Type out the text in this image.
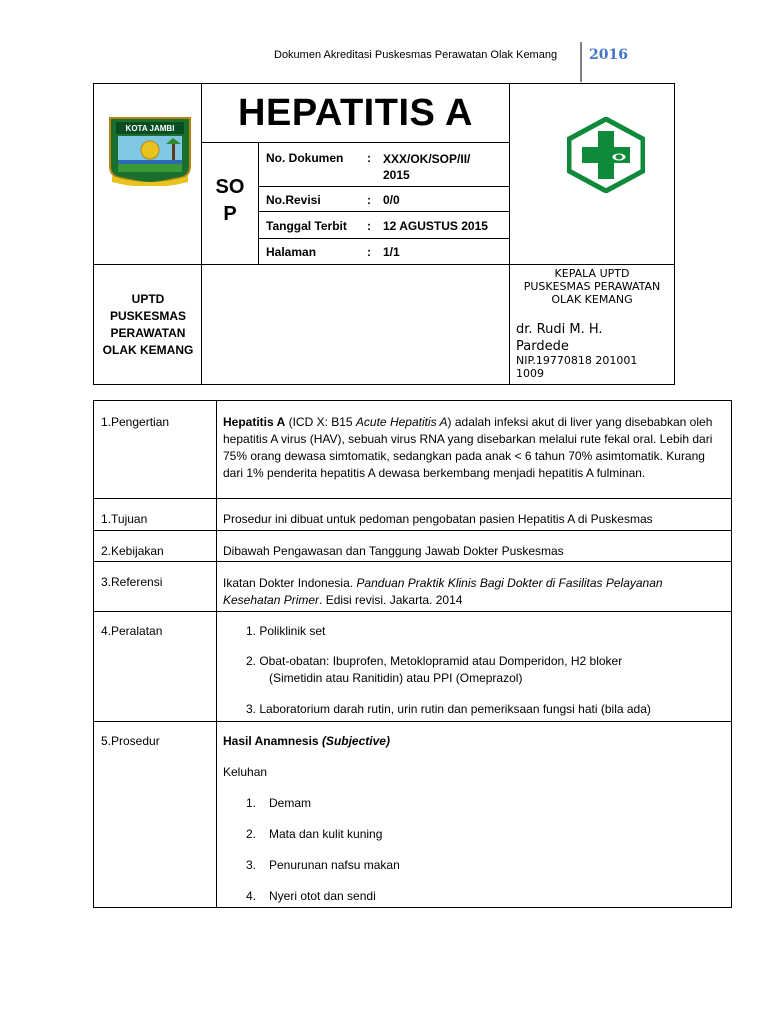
Dokumen Akreditasi Puskesmas Perawatan Olak Kemang 2016
KOTA JAMBI	HEPATITIS A
SO
P
No. Dokumen : XXX/OK/SOP/II/
2015
No.Revisi	: 0/0
Tanggal Terbit : 12 AGUSTUS 2015
Halaman	: 1/1
UPTD
PUSKESMAS
PERAWATAN
OLAK KEMANG
KEPALA UPTD
PUSKESMAS PERAWATAN
OLAK KEMANG
dr. Rudi M. H.
Pardede
NIP.19770818 201001
1009
1.Pengertian	Hepatitis A (ICD X: B15 Acute Hepatitis A) adalah infeksi akut di liver yang disebabkan oleh hepatitis A virus (HAV), sebuah virus RNA yang disebarkan melalui rute fekal oral. Lebih dari 75% orang dewasa simtomatik, sedangkan pada anak < 6 tahun 70% asimtomatik. Kurang dari 1% penderita hepatitis A dewasa berkembang menjadi hepatitis A fulminan.
1.Tujuan	Prosedur ini dibuat untuk pedoman pengobatan pasien Hepatitis A di Puskesmas
2.Kebijakan	Dibawah Pengawasan dan Tanggung Jawab Dokter Puskesmas
3.Referensi	Ikatan Dokter Indonesia. Panduan Praktik Klinis Bagi Dokter di Fasilitas Pelayanan Kesehatan Primer. Edisi revisi. Jakarta. 2014
4.Peralatan	1. Poliklinik set
2. Obat-obatan: Ibuprofen, Metoklopramid atau Domperidon, H2 bloker
(Simetidin atau Ranitidin) atau PPI (Omeprazol)
3. Laboratorium darah rutin, urin rutin dan pemeriksaan fungsi hati (bila ada)
5.Prosedur	Hasil Anamnesis (Subjective)
Keluhan
1.	Demam
2.	Mata dan kulit kuning
3.	Penurunan nafsu makan
4.	Nyeri otot dan sendi
